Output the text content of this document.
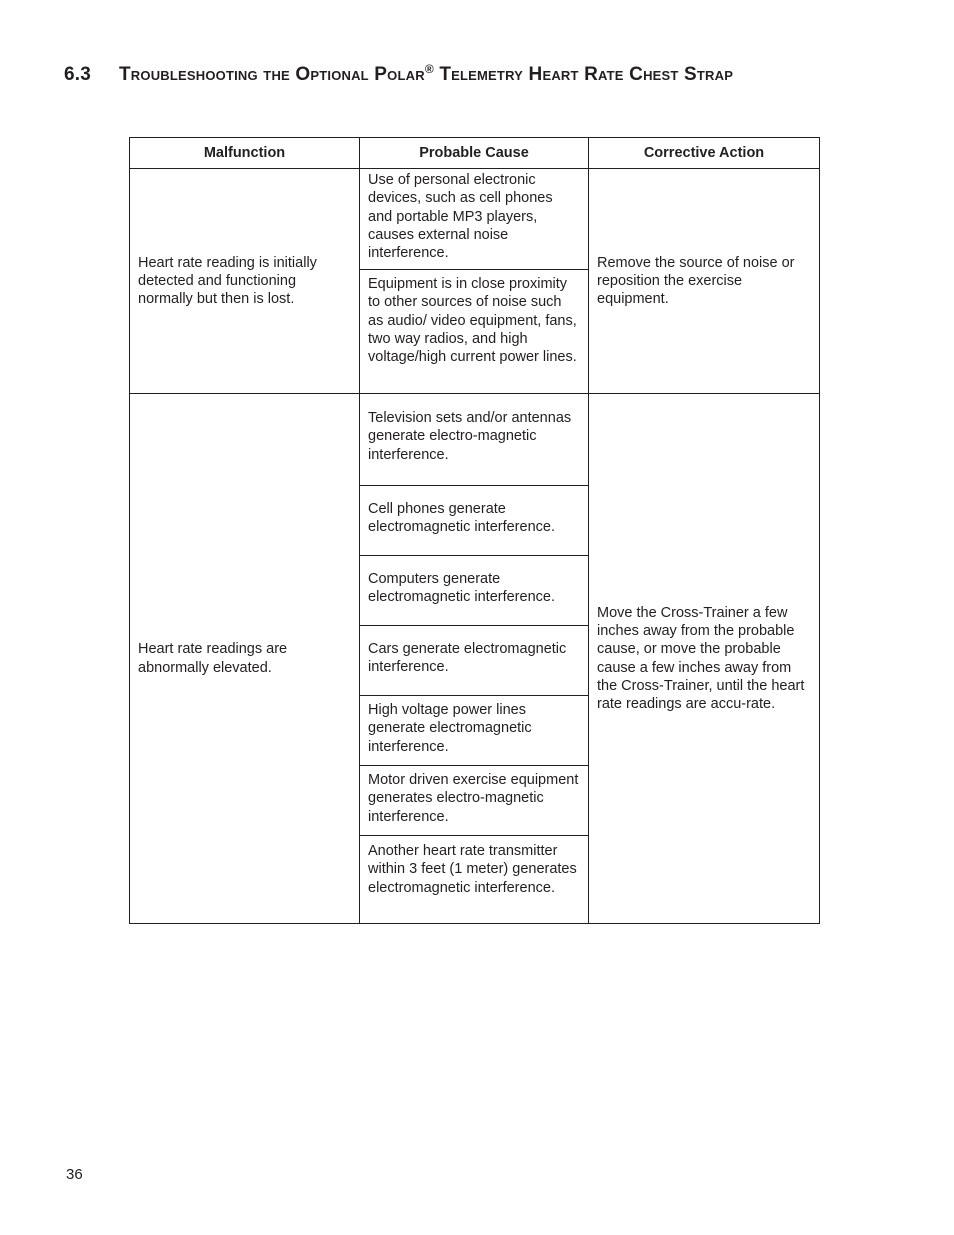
6.3 Troubleshooting the Optional Polar® Telemetry Heart Rate Chest Strap
Malfunction	Probable Cause	Corrective Action
Heart rate reading is initially detected and functioning normally but then is lost.	Use of personal electronic devices, such as cell phones and portable MP3 players, causes external noise interference.	Remove the source of noise or reposition the exercise equipment.
	Equipment is in close proximity to other sources of noise such as audio/ video equipment, fans, two way radios, and high voltage/high current power lines.	
Heart rate readings are abnormally elevated.	Television sets and/or antennas generate electro-magnetic interference.	Move the Cross-Trainer a few inches away from the probable cause, or move the probable cause a few inches away from the Cross-Trainer, until the heart rate readings are accu-rate.
	Cell phones generate electromagnetic interference.	
	Computers generate electromagnetic interference.	
	Cars generate electromagnetic interference.	
	High voltage power lines generate electromagnetic interference.	
	Motor driven exercise equipment generates electro-magnetic interference.	
	Another heart rate transmitter within 3 feet (1 meter) generates electromagnetic interference.	
36
